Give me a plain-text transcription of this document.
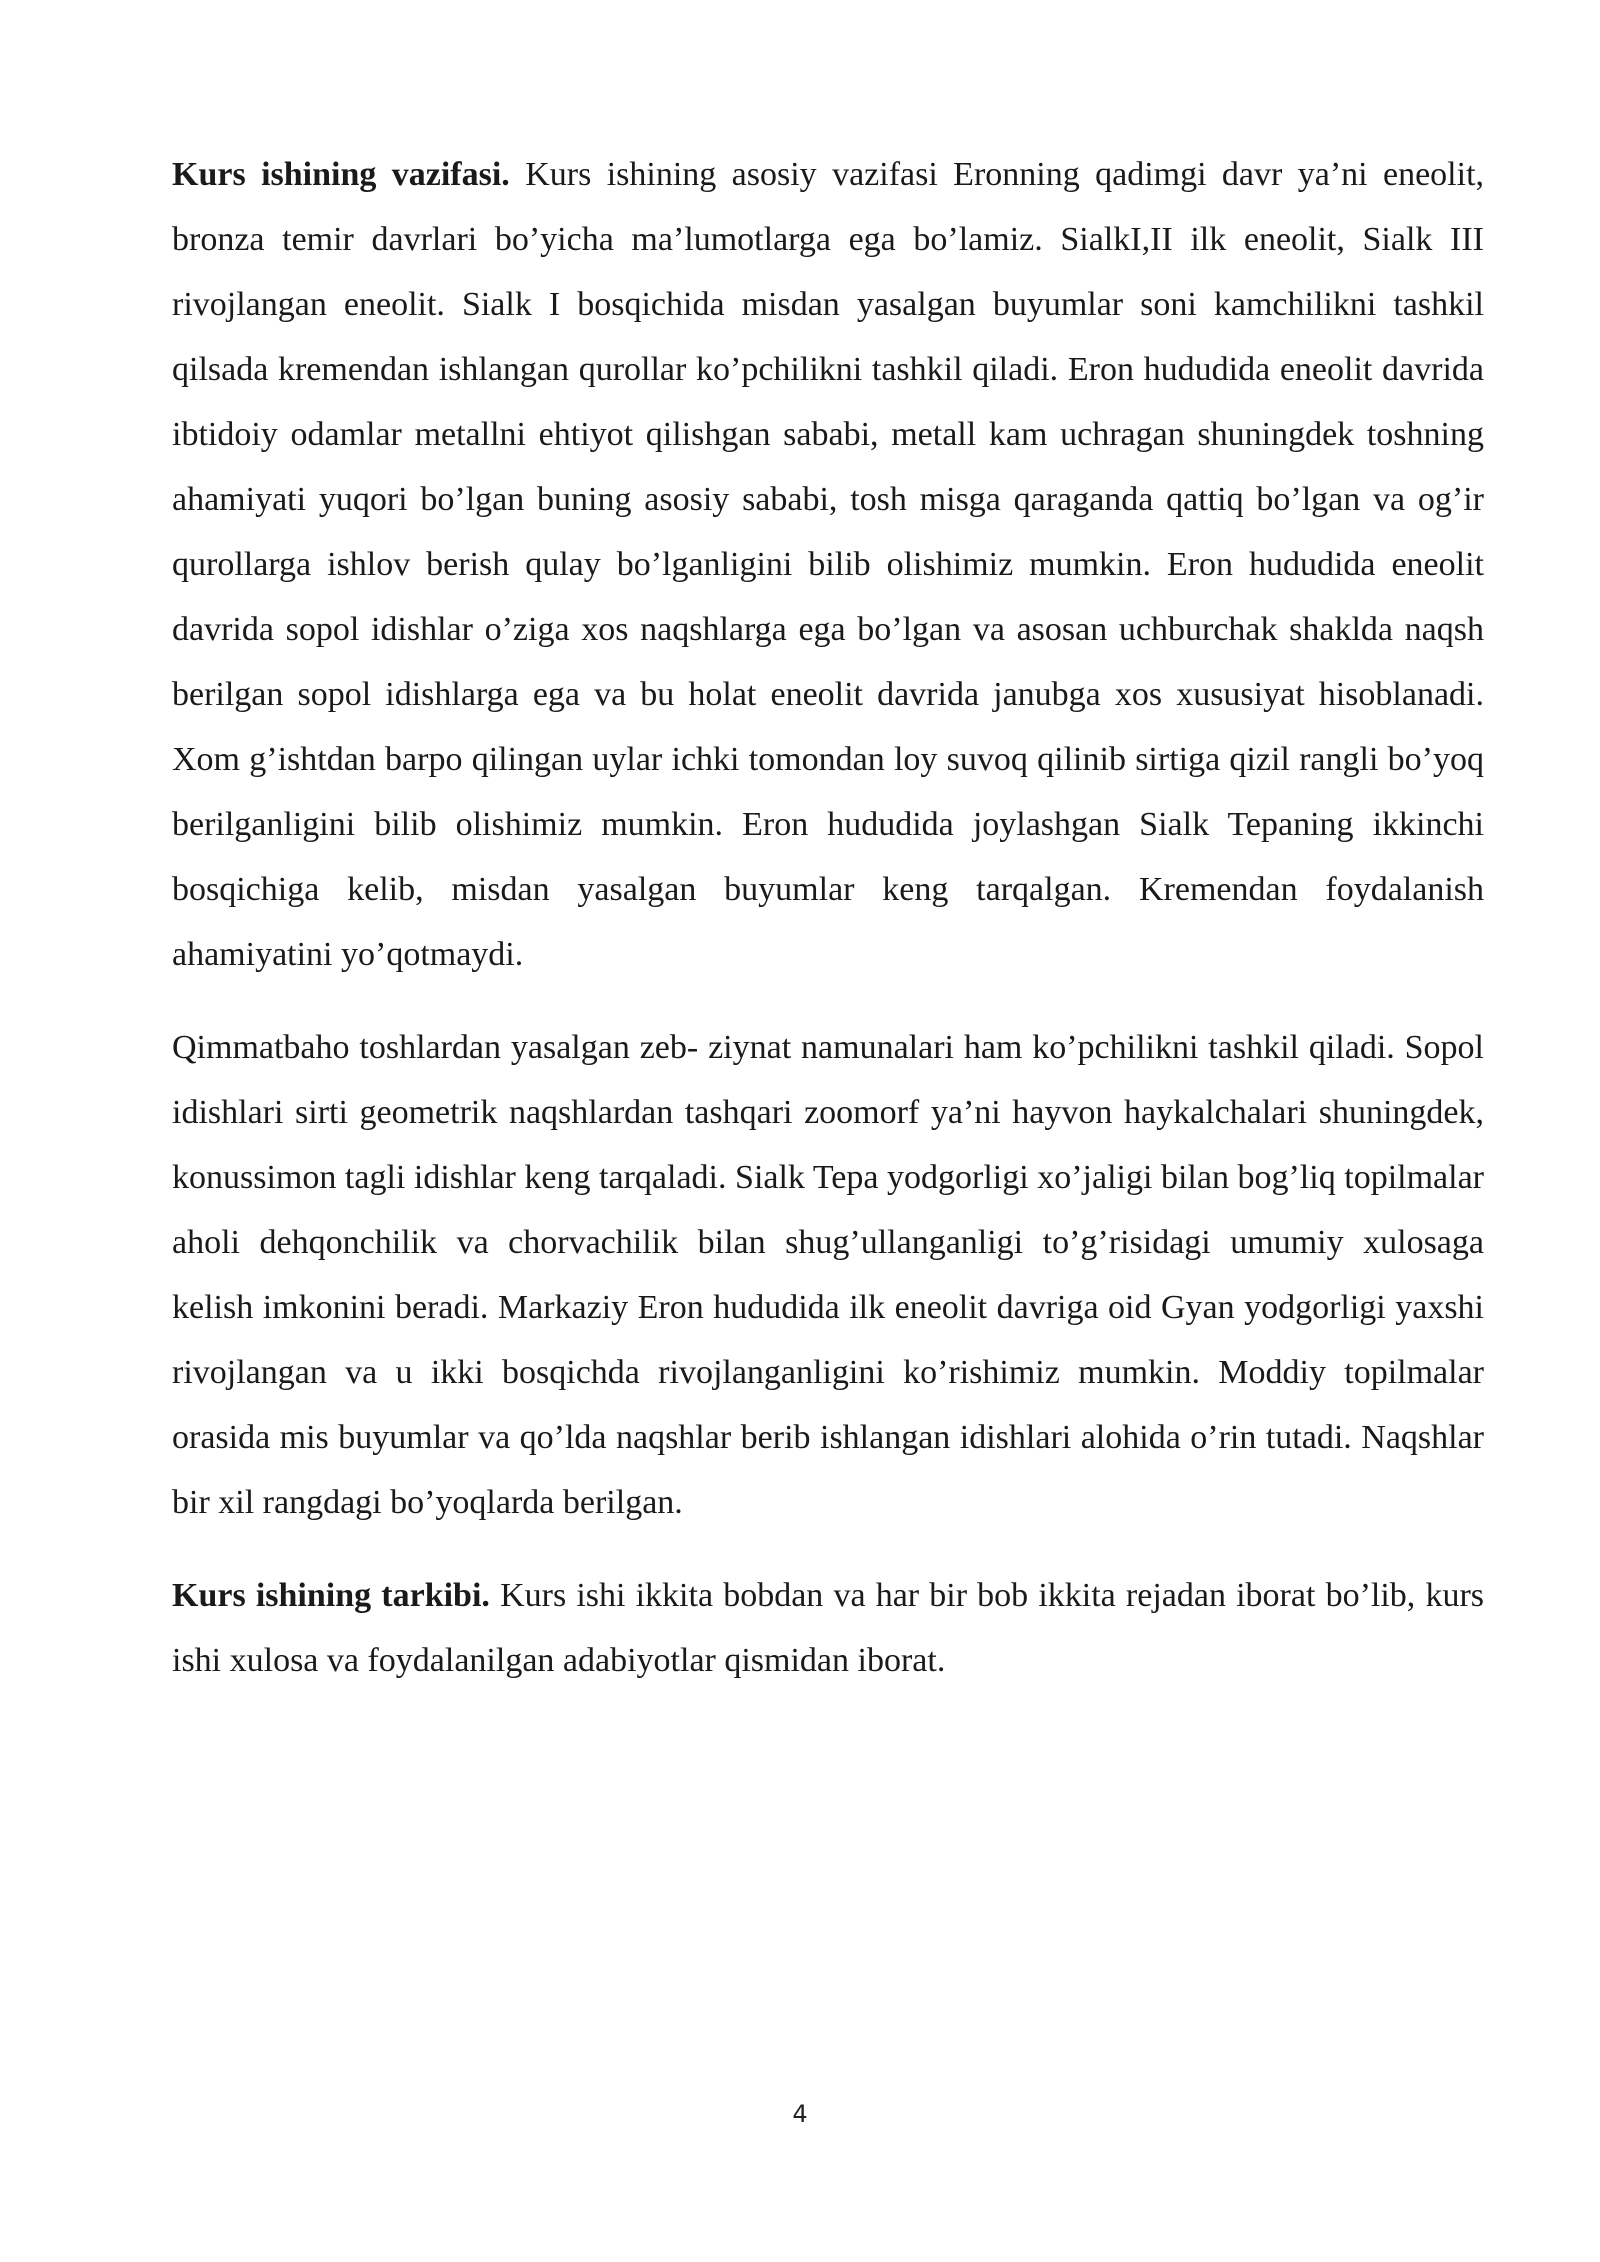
Kurs ishining vazifasi. Kurs ishining asosiy vazifasi Eronning qadimgi davr ya’ni eneolit, bronza temir davrlari bo’yicha ma’lumotlarga ega bo’lamiz. SialkI,II ilk eneolit, Sialk III rivojlangan eneolit. Sialk I bosqichida misdan yasalgan buyumlar soni kamchilikni tashkil qilsada kremendan ishlangan qurollar ko’pchilikni tashkil qiladi. Eron hududida eneolit davrida ibtidoiy odamlar metallni ehtiyot qilishgan sababi, metall kam uchragan shuningdek toshning ahamiyati yuqori bo’lgan buning asosiy sababi, tosh misga qaraganda qattiq bo’lgan va og’ir qurollarga ishlov berish qulay bo’lganligini bilib olishimiz mumkin. Eron hududida eneolit davrida sopol idishlar o’ziga xos naqshlarga ega bo’lgan va asosan uchburchak shaklda naqsh berilgan sopol idishlarga ega va bu holat eneolit davrida janubga xos xususiyat hisoblanadi. Xom g’ishtdan barpo qilingan uylar ichki tomondan loy suvoq qilinib sirtiga qizil rangli bo’yoq berilganligini bilib olishimiz mumkin. Eron hududida joylashgan Sialk Tepaning ikkinchi bosqichiga kelib, misdan yasalgan buyumlar keng tarqalgan. Kremendan foydalanish ahamiyatini yo’qotmaydi.

Qimmatbaho toshlardan yasalgan zeb- ziynat namunalari ham ko’pchilikni tashkil qiladi. Sopol idishlari sirti geometrik naqshlardan tashqari zoomorf ya’ni hayvon haykalchalari shuningdek, konussimon tagli idishlar keng tarqaladi. Sialk Tepa yodgorligi xo’jaligi bilan bog’liq topilmalar aholi dehqonchilik va chorvachilik bilan shug’ullanganligi to’g’risidagi umumiy xulosaga kelish imkonini beradi. Markaziy Eron hududida ilk eneolit davriga oid Gyan yodgorligi yaxshi rivojlangan va u ikki bosqichda rivojlanganligini ko’rishimiz mumkin. Moddiy topilmalar orasida mis buyumlar va qo’lda naqshlar berib ishlangan idishlari alohida o’rin tutadi. Naqshlar bir xil rangdagi bo’yoqlarda berilgan.

Kurs ishining tarkibi. Kurs ishi ikkita bobdan va har bir bob ikkita rejadan iborat bo’lib, kurs ishi xulosa va foydalanilgan adabiyotlar qismidan iborat.

4
